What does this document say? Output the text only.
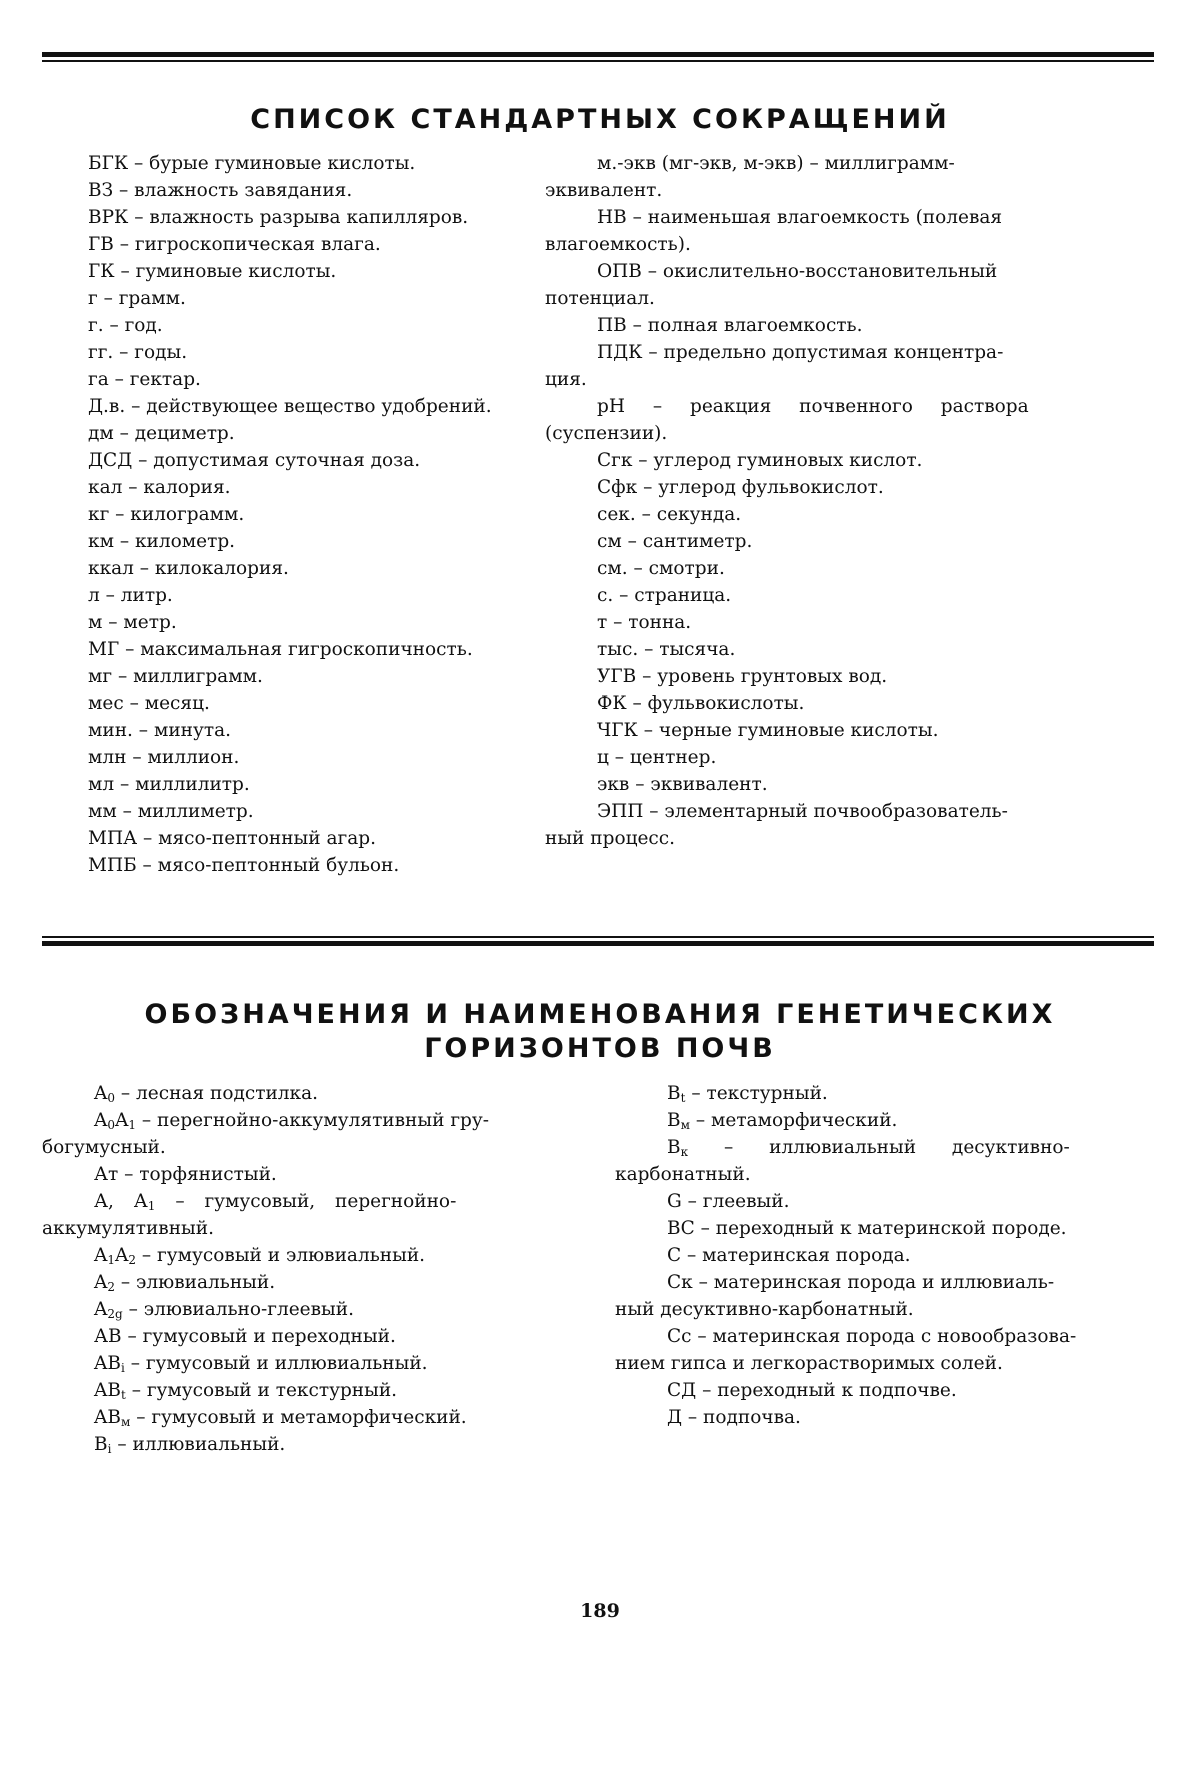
СПИСОК СТАНДАРТНЫХ СОКРАЩЕНИЙ

БГК – бурые гуминовые кислоты.

ВЗ – влажность завядания.

ВРК – влажность разрыва капилляров.

ГВ – гигроскопическая влага.

ГК – гуминовые кислоты.

г – грамм.

г. – год.

гг. – годы.

га – гектар.

Д.в. – действующее вещество удобрений.

дм – дециметр.

ДСД – допустимая суточная доза.

кал – калория.

кг – килограмм.

км – километр.

ккал – килокалория.

л – литр.

м – метр.

МГ – максимальная гигроскопичность.

мг – миллиграмм.

мес – месяц.

мин. – минута.

млн – миллион.

мл – миллилитр.

мм – миллиметр.

МПА – мясо-пептонный агар.

МПБ – мясо-пептонный бульон.

м.-экв (мг-экв, м-экв) – миллиграмм-

эквивалент.

НВ – наименьшая влагоемкость (полевая

влагоемкость).

ОПВ – окислительно-восстановительный

потенциал.

ПВ – полная влагоемкость.

ПДК – предельно допустимая концентра-

ция.

pH – реакция почвенного раствора

(суспензии).

Сгк – углерод гуминовых кислот.

Сфк – углерод фульвокислот.

сек. – секунда.

см – сантиметр.

см. – смотри.

с. – страница.

т – тонна.

тыс. – тысяча.

УГВ – уровень грунтовых вод.

ФК – фульвокислоты.

ЧГК – черные гуминовые кислоты.

ц – центнер.

экв – эквивалент.

ЭПП – элементарный почвообразователь-

ный процесс.

ОБОЗНАЧЕНИЯ И НАИМЕНОВАНИЯ ГЕНЕТИЧЕСКИХ
ГОРИЗОНТОВ ПОЧВ

$A_0$ – лесная подстилка.

$A_0A_1$ – перегнойно-аккумулятивный гру-

богумусный.

Ат – торфянистый.

А, $А_1$ – гумусовый, перегнойно-

аккумулятивный.

$A_1A_2$ – гумусовый и элювиальный.

$A_2$ – элювиальный.

$A_{2g}$ – элювиально-глеевый.

АВ – гумусовый и переходный.

$AB_i$ – гумусовый и иллювиальный.

$AB_t$ – гумусовый и текстурный.

$AB_м$ – гумусовый и метаморфический.

$B_i$ – иллювиальный.

$B_t$ – текстурный.

$B_м$ – метаморфический.

$B_к$ – иллювиальный десуктивно-

карбонатный.

G – глеевый.

ВС – переходный к материнской породе.

С – материнская порода.

Ск – материнская порода и иллювиаль-

ный десуктивно-карбонатный.

Сс – материнская порода с новообразова-

нием гипса и легкорастворимых солей.

СД – переходный к подпочве.

Д – подпочва.

189
